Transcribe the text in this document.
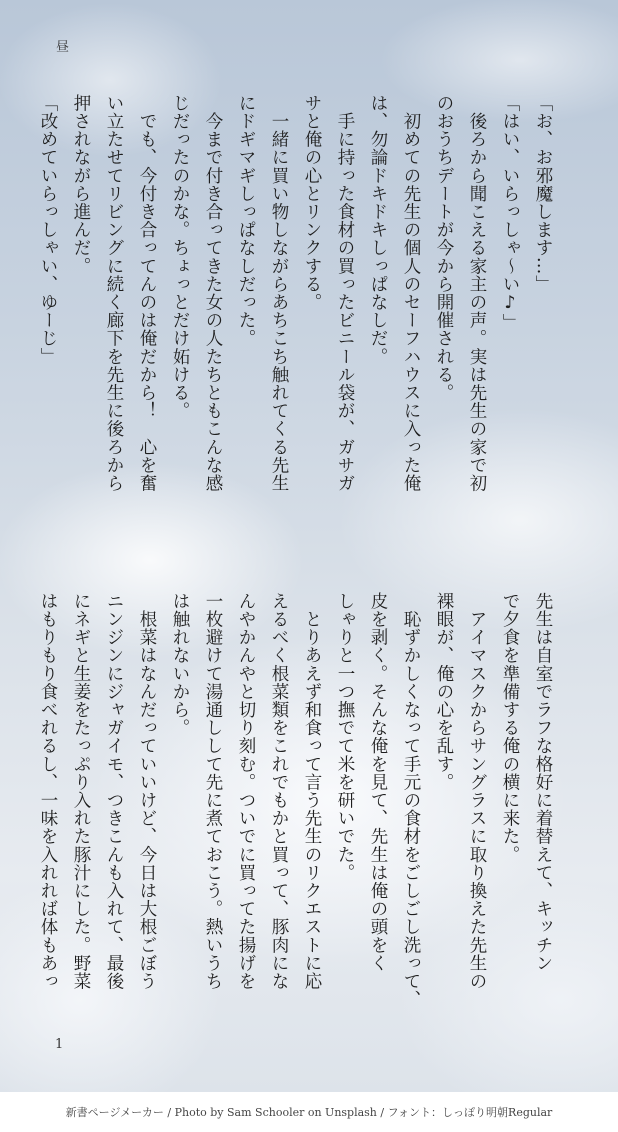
昼
「お、お邪魔します…」
「はい、いらっしゃ〜い♪」
　後ろから聞こえる家主の声。実は先生の家で初
のおうちデートが今から開催される。
　初めての先生の個人のセーフハウスに入った俺
は、勿論ドキドキしっぱなしだ。
　手に持った食材の買ったビニール袋が、ガサガ
サと俺の心とリンクする。
　一緒に買い物しながらあちこち触れてくる先生
にドギマギしっぱなしだった。
　今まで付き合ってきた女の人たちともこんな感
じだったのかな。ちょっとだけ妬ける。
　でも、今付き合ってんのは俺だから！　心を奮
い立たせてリビングに続く廊下を先生に後ろから
押されながら進んだ。
「改めていらっしゃい、ゆーじ」
先生は自室でラフな格好に着替えて、キッチン
で夕食を準備する俺の横に来た。
　アイマスクからサングラスに取り換えた先生の
裸眼が、俺の心を乱す。
　恥ずかしくなって手元の食材をごしごし洗って、
皮を剥く。そんな俺を見て、先生は俺の頭をく
しゃりと一つ撫でて米を研いでた。
　とりあえず和食って言う先生のリクエストに応
えるべく根菜類をこれでもかと買って、豚肉にな
んやかんやと切り刻む。ついでに買ってた揚げを
一枚避けて湯通しして先に煮ておこう。熱いうち
は触れないから。
　根菜はなんだっていいけど、今日は大根ごぼう
ニンジンにジャガイモ、つきこんも入れて、最後
にネギと生姜をたっぷり入れた豚汁にした。野菜
はもりもり食べれるし、一味を入れれば体もあっ
1
新書ページメーカー / Photo by Sam Schooler on Unsplash / フォント：しっぽり明朝Regular
